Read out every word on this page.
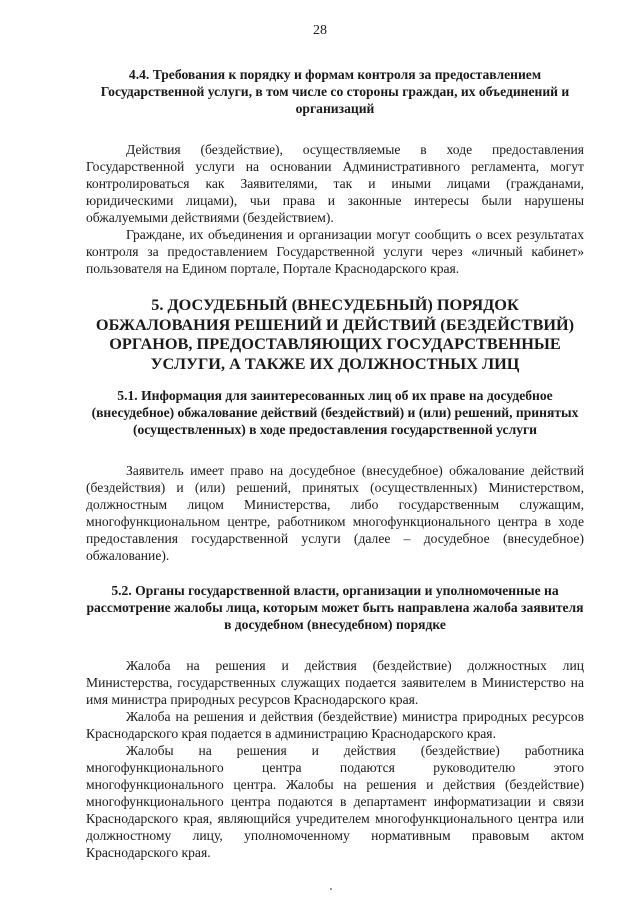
28

4.4. Требования к порядку и формам контроля за предоставлением Государственной услуги, в том числе со стороны граждан, их объединений и организаций

Действия (бездействие), осуществляемые в ходе предоставления Государственной услуги на основании Административного регламента, могут контролироваться как Заявителями, так и иными лицами (гражданами, юридическими лицами), чьи права и законные интересы были нарушены обжалуемыми действиями (бездействием).

Граждане, их объединения и организации могут сообщить о всех результатах контроля за предоставлением Государственной услуги через «личный кабинет» пользователя на Едином портале, Портале Краснодарского края.

5. ДОСУДЕБНЫЙ (ВНЕСУДЕБНЫЙ) ПОРЯДОК ОБЖАЛОВАНИЯ РЕШЕНИЙ И ДЕЙСТВИЙ (БЕЗДЕЙСТВИЙ) ОРГАНОВ, ПРЕДОСТАВЛЯЮЩИХ ГОСУДАРСТВЕННЫЕ УСЛУГИ, А ТАКЖЕ ИХ ДОЛЖНОСТНЫХ ЛИЦ

5.1. Информация для заинтересованных лиц об их праве на досудебное (внесудебное) обжалование действий (бездействий) и (или) решений, принятых (осуществленных) в ходе предоставления государственной услуги

Заявитель имеет право на досудебное (внесудебное) обжалование действий (бездействия) и (или) решений, принятых (осуществленных) Министерством, должностным лицом Министерства, либо государственным служащим, многофункциональном центре, работником многофункционального центра в ходе предоставления государственной услуги (далее – досудебное (внесудебное) обжалование).

5.2. Органы государственной власти, организации и уполномоченные на рассмотрение жалобы лица, которым может быть направлена жалоба заявителя в досудебном (внесудебном) порядке

Жалоба на решения и действия (бездействие) должностных лиц Министерства, государственных служащих подается заявителем в Министерство на имя министра природных ресурсов Краснодарского края.

Жалоба на решения и действия (бездействие) министра природных ресурсов Краснодарского края подается в администрацию Краснодарского края.

Жалобы на решения и действия (бездействие) работника многофункционального центра подаются руководителю этого многофункционального центра. Жалобы на решения и действия (бездействие) многофункционального центра подаются в департамент информатизации и связи Краснодарского края, являющийся учредителем многофункционального центра или должностному лицу, уполномоченному нормативным правовым актом Краснодарского края.
